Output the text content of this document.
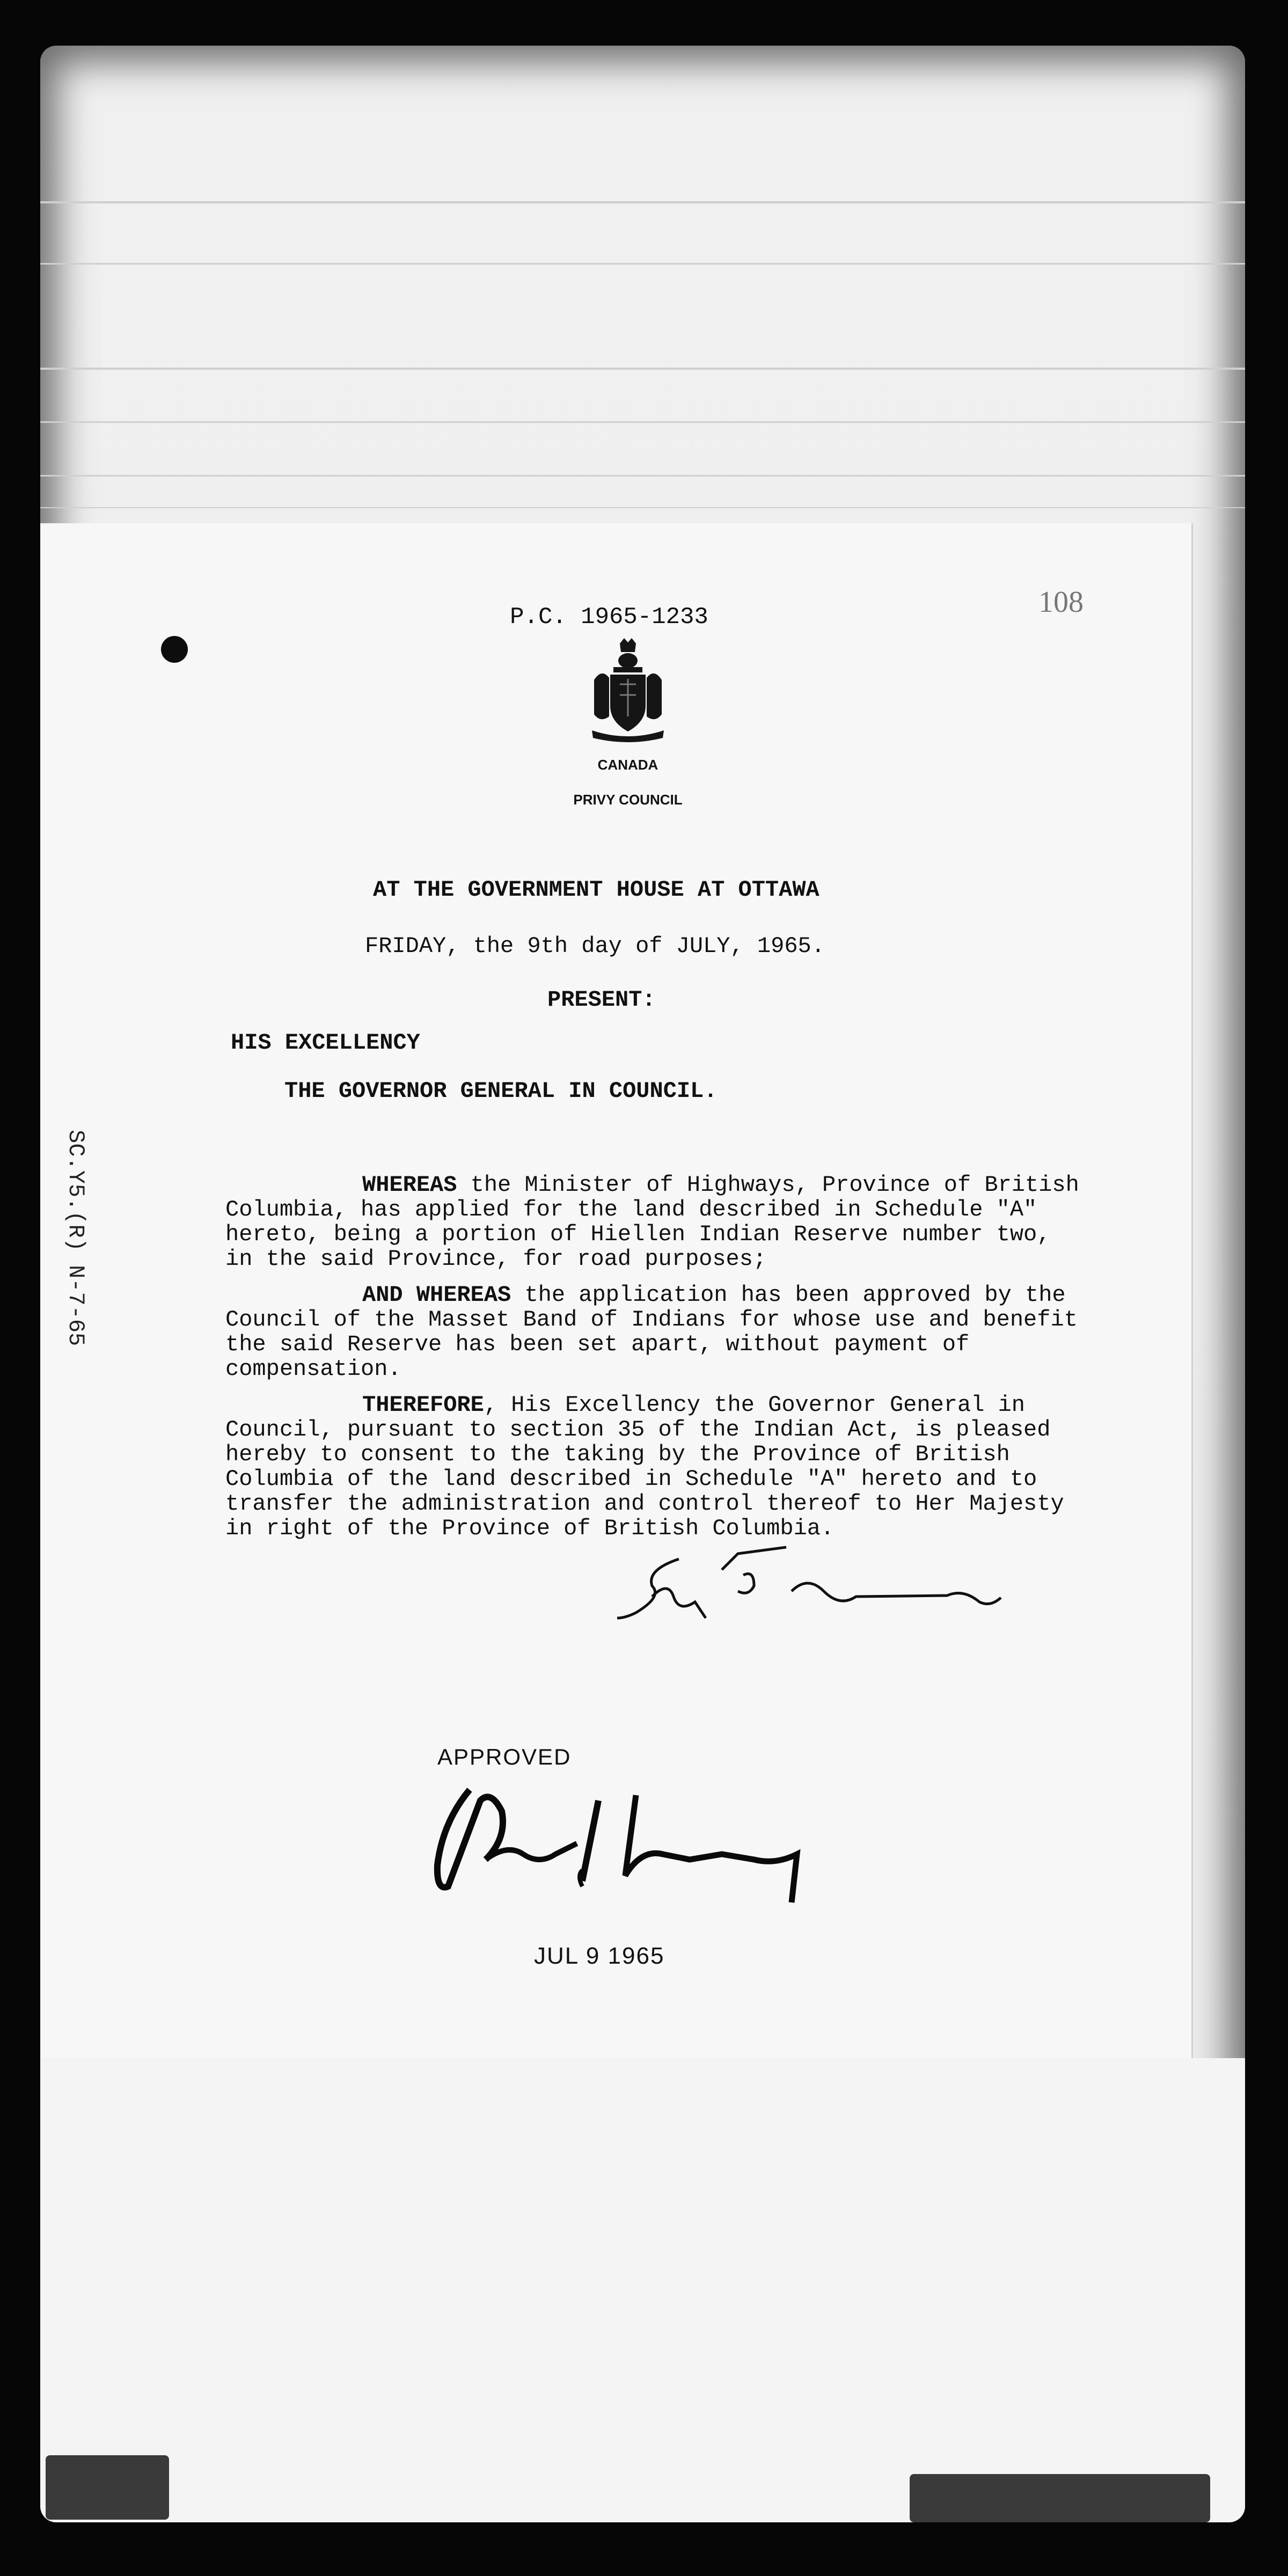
108
P.C. 1965-1233
CANADA
PRIVY COUNCIL
SC.Y5.(R) N-7-65
AT THE GOVERNMENT HOUSE AT OTTAWA
FRIDAY, the 9th day of JULY, 1965.
PRESENT:
HIS EXCELLENCY
THE GOVERNOR GENERAL IN COUNCIL.

WHEREAS the Minister of Highways, Province of British Columbia, has applied for the land described in Schedule "A" hereto, being a portion of Hiellen Indian Reserve number two, in the said Province, for road purposes;

AND WHEREAS the application has been approved by the Council of the Masset Band of Indians for whose use and benefit the said Reserve has been set apart, without payment of compensation.

THEREFORE, His Excellency the Governor General in Council, pursuant to section 35 of the Indian Act, is pleased hereby to consent to the taking by the Province of British Columbia of the land described in Schedule "A" hereto and to transfer the administration and control thereof to Her Majesty in right of the Province of British Columbia.

APPROVED
JUL 9 1965
